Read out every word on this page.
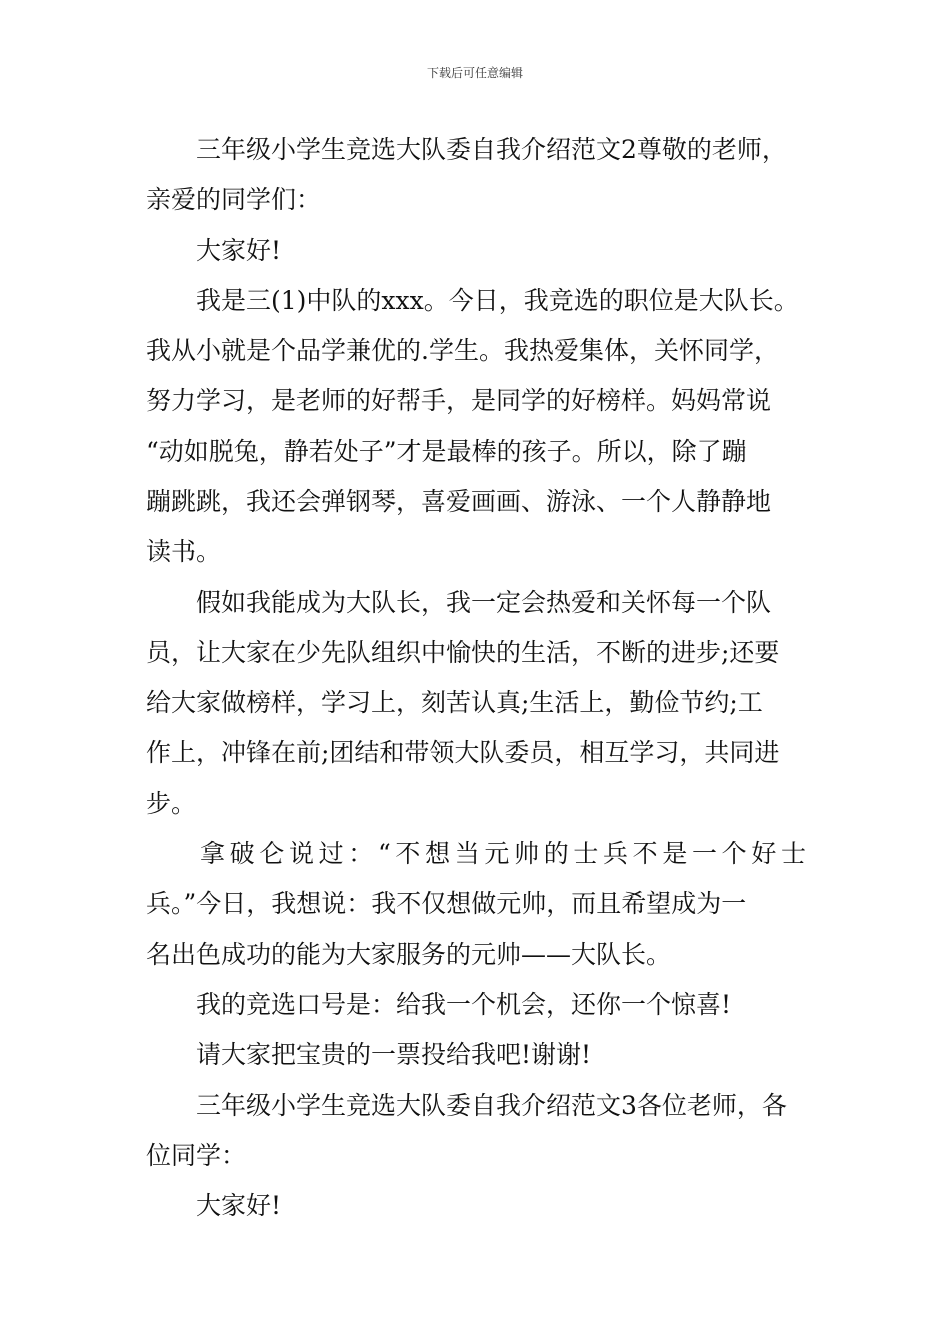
下载后可任意编辑
三年级小学生竞选大队委自我介绍范文2尊敬的老师，
亲爱的同学们：
大家好!
我是三(1)中队的xxx。今日，我竞选的职位是大队长。
我从小就是个品学兼优的.学生。我热爱集体，关怀同学，
努力学习，是老师的好帮手，是同学的好榜样。妈妈常说
“动如脱兔，静若处子”才是最棒的孩子。所以，除了蹦
蹦跳跳，我还会弹钢琴，喜爱画画、游泳、一个人静静地
读书。
假如我能成为大队长，我一定会热爱和关怀每一个队
员，让大家在少先队组织中愉快的生活，不断的进步;还要
给大家做榜样，学习上，刻苦认真;生活上，勤俭节约;工
作上，冲锋在前;团结和带领大队委员，相互学习，共同进
步。
拿破仑说过：“不想当元帅的士兵不是一个好士
兵。”今日，我想说：我不仅想做元帅，而且希望成为一
名出色成功的能为大家服务的元帅——大队长。
我的竞选口号是：给我一个机会，还你一个惊喜!
请大家把宝贵的一票投给我吧!谢谢!
三年级小学生竞选大队委自我介绍范文3各位老师，各
位同学：
大家好!
